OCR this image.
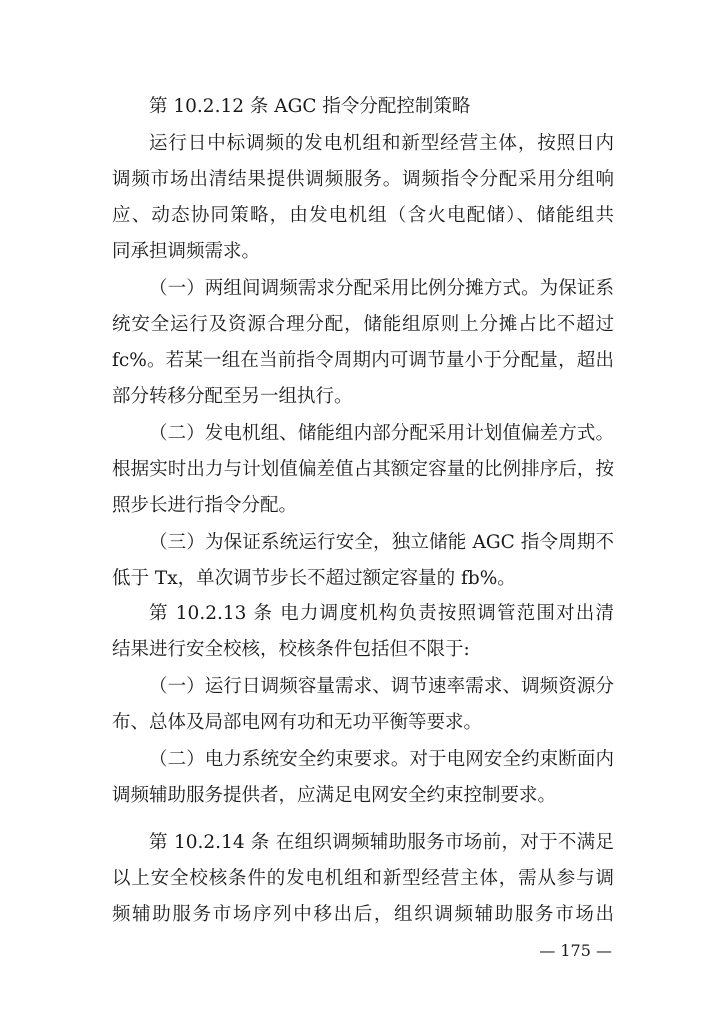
第 10.2.12 条 AGC 指令分配控制策略
运行日中标调频的发电机组和新型经营主体，按照日内
调频市场出清结果提供调频服务。调频指令分配采用分组响
应、动态协同策略，由发电机组（含火电配储）、储能组共
同承担调频需求。
（一）两组间调频需求分配采用比例分摊方式。为保证系
统安全运行及资源合理分配，储能组原则上分摊占比不超过
fc%。若某一组在当前指令周期内可调节量小于分配量，超出
部分转移分配至另一组执行。
（二）发电机组、储能组内部分配采用计划值偏差方式。
根据实时出力与计划值偏差值占其额定容量的比例排序后，按
照步长进行指令分配。
（三）为保证系统运行安全，独立储能 AGC 指令周期不
低于 Tx，单次调节步长不超过额定容量的 fb%。
第 10.2.13 条 电力调度机构负责按照调管范围对出清
结果进行安全校核，校核条件包括但不限于:
（一）运行日调频容量需求、调节速率需求、调频资源分
布、总体及局部电网有功和无功平衡等要求。
（二）电力系统安全约束要求。对于电网安全约束断面内
调频辅助服务提供者，应满足电网安全约束控制要求。
第 10.2.14 条 在组织调频辅助服务市场前，对于不满足
以上安全校核条件的发电机组和新型经营主体，需从参与调
频辅助服务市场序列中移出后，组织调频辅助服务市场出
— 175 —
